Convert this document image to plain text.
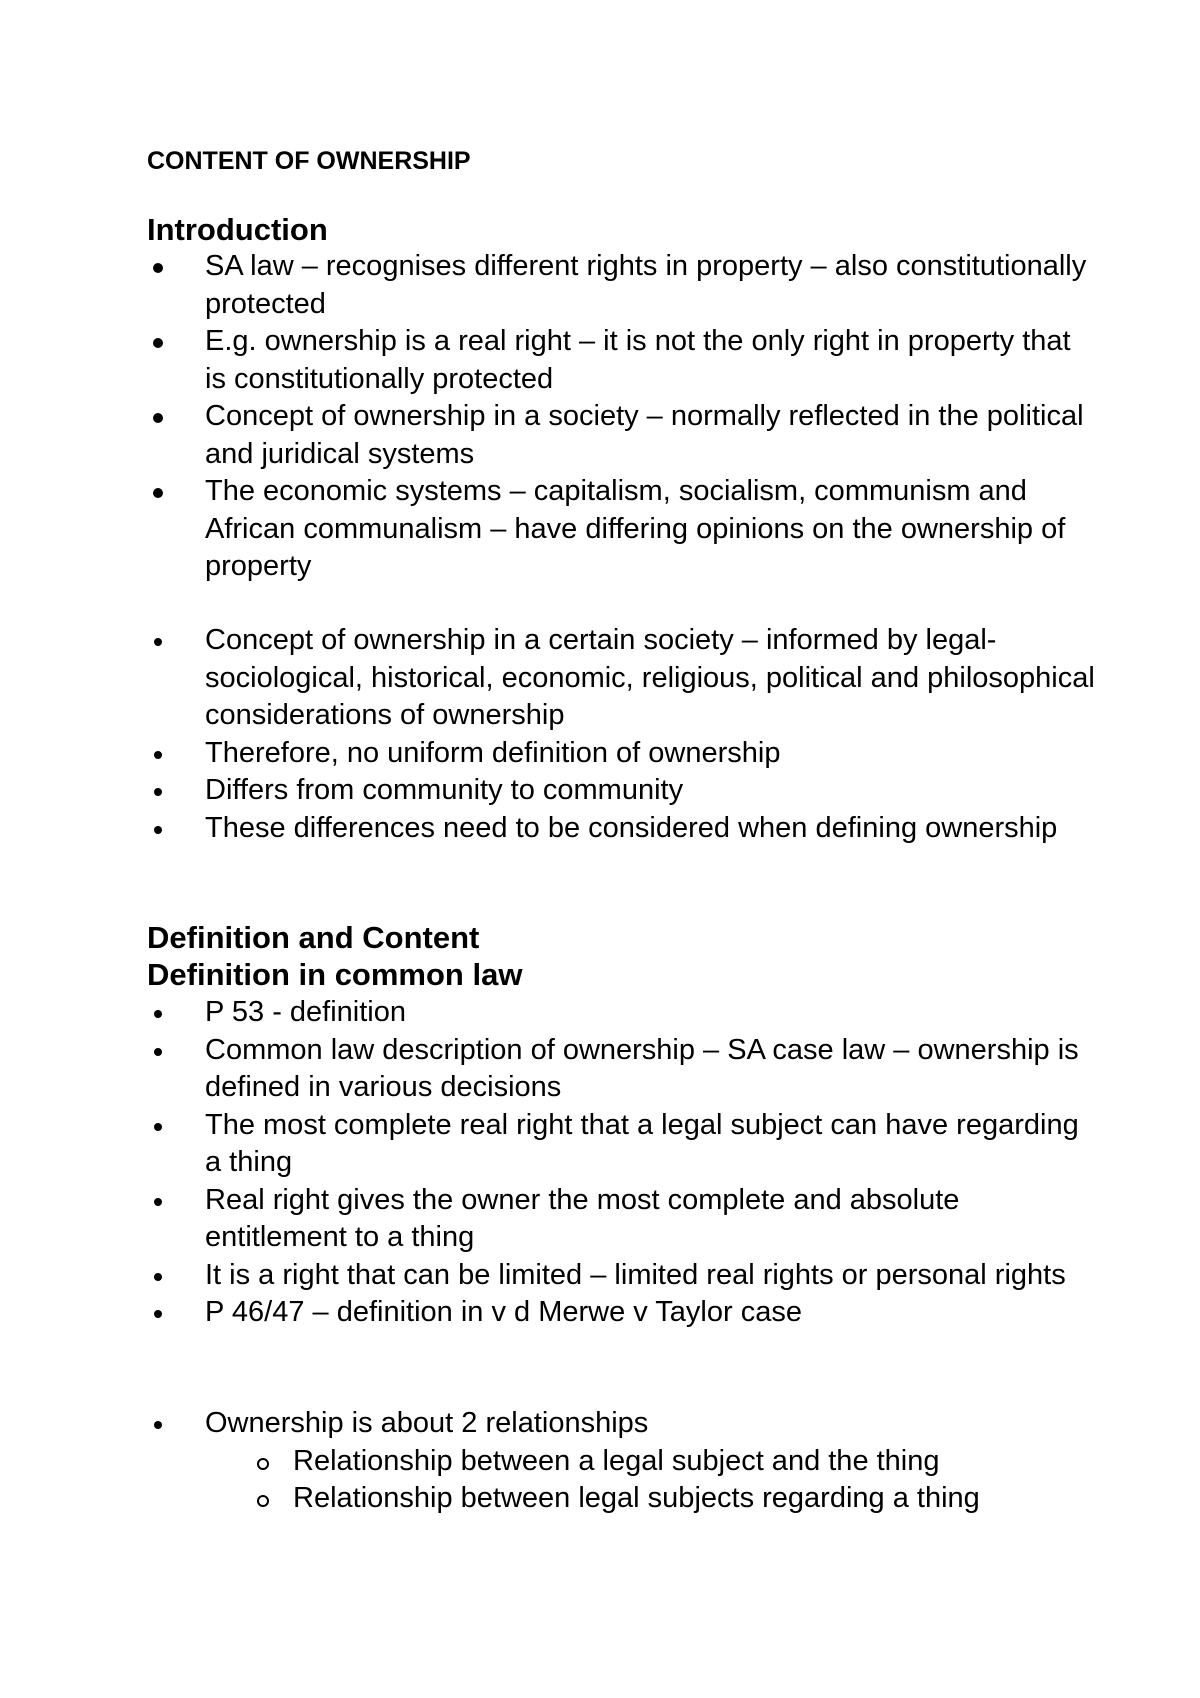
CONTENT OF OWNERSHIP
Introduction
SA law – recognises different rights in property – also constitutionally protected
E.g. ownership is a real right – it is not the only right in property that is constitutionally protected
Concept of ownership in a society – normally reflected in the political and juridical systems
The economic systems – capitalism, socialism, communism and African communalism – have differing opinions on the ownership of property
Concept of ownership in a certain society – informed by legal-sociological, historical, economic, religious, political and philosophical considerations of ownership
Therefore, no uniform definition of ownership
Differs from community to community
These differences need to be considered when defining ownership
Definition and Content
Definition in common law
P 53 - definition
Common law description of ownership – SA case law – ownership is defined in various decisions
The most complete real right that a legal subject can have regarding a thing
Real right gives the owner the most complete and absolute entitlement to a thing
It is a right that can be limited – limited real rights or personal rights
P 46/47 – definition in v d Merwe v Taylor case
Ownership is about 2 relationships
Relationship between a legal subject and the thing
Relationship between legal subjects regarding a thing
